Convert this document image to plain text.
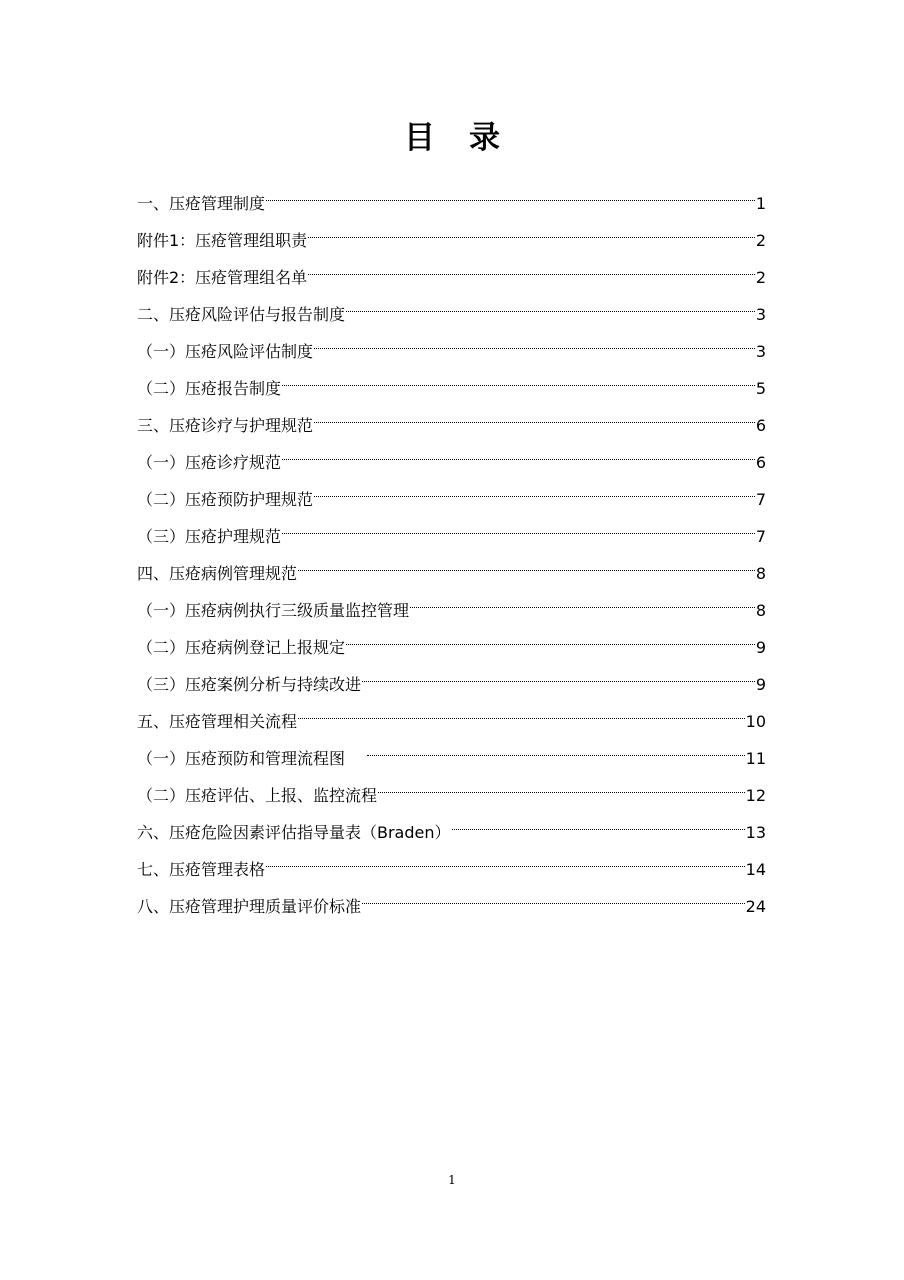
目 录
一、压疮管理制度	1
附件1：压疮管理组职责	2
附件2：压疮管理组名单	2
二、压疮风险评估与报告制度	3
（一）压疮风险评估制度	3
（二）压疮报告制度	5
三、压疮诊疗与护理规范	6
（一）压疮诊疗规范	6
（二）压疮预防护理规范	7
（三）压疮护理规范	7
四、压疮病例管理规范	8
（一）压疮病例执行三级质量监控管理	8
（二）压疮病例登记上报规定	9
（三）压疮案例分析与持续改进	9
五、压疮管理相关流程	10
（一）压疮预防和管理流程图	11
（二）压疮评估、上报、监控流程	12
六、压疮危险因素评估指导量表（Braden）	13
七、压疮管理表格	14
八、压疮管理护理质量评价标准	24
1
